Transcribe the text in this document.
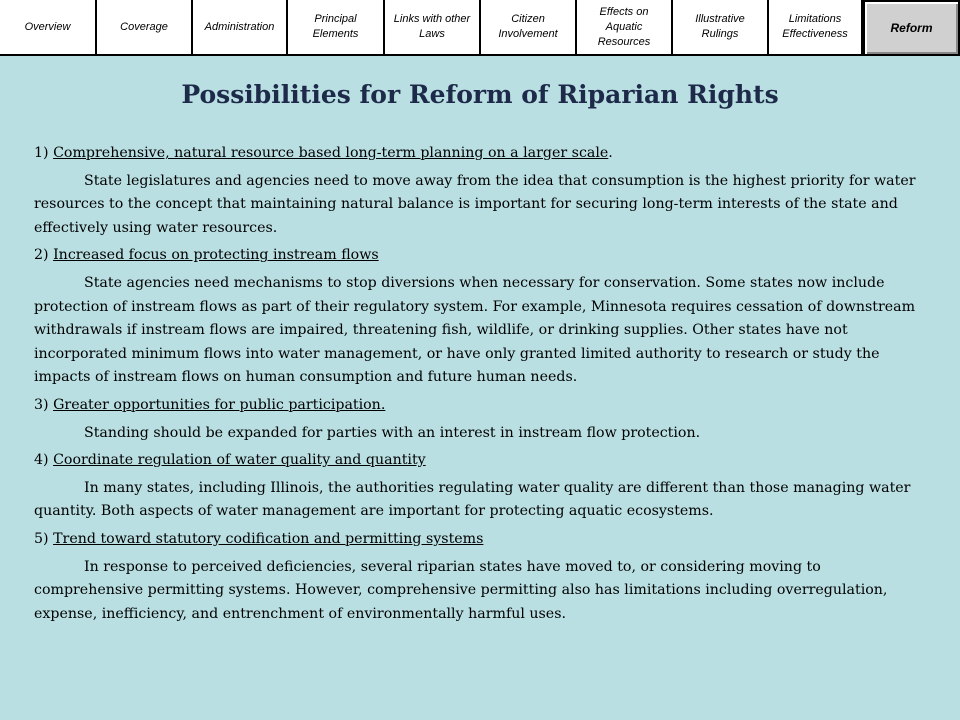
Overview	Coverage	Administration
Principal Elements
Links with other Laws
Citizen Involvement
Effects on Aquatic Resources
Illustrative Rulings
Limitations Effectiveness	Reform
Possibilities for Reform of Riparian Rights

1) Comprehensive, natural resource based long-term planning on a larger scale.

State legislatures and agencies need to move away from the idea that consumption is the highest priority for water resources to the concept that maintaining natural balance is important for securing long-term interests of the state and effectively using water resources.

2) Increased focus on protecting instream flows

State agencies need mechanisms to stop diversions when necessary for conservation. Some states now include protection of instream flows as part of their regulatory system. For example, Minnesota requires cessation of downstream withdrawals if instream flows are impaired, threatening fish, wildlife, or drinking supplies. Other states have not incorporated minimum flows into water management, or have only granted limited authority to research or study the impacts of instream flows on human consumption and future human needs.

3) Greater opportunities for public participation.

Standing should be expanded for parties with an interest in instream flow protection.

4) Coordinate regulation of water quality and quantity

In many states, including Illinois, the authorities regulating water quality are different than those managing water quantity. Both aspects of water management are important for protecting aquatic ecosystems.

5) Trend toward statutory codification and permitting systems

In response to perceived deficiencies, several riparian states have moved to, or considering moving to comprehensive permitting systems. However, comprehensive permitting also has limitations including overregulation, expense, inefficiency, and entrenchment of environmentally harmful uses.
